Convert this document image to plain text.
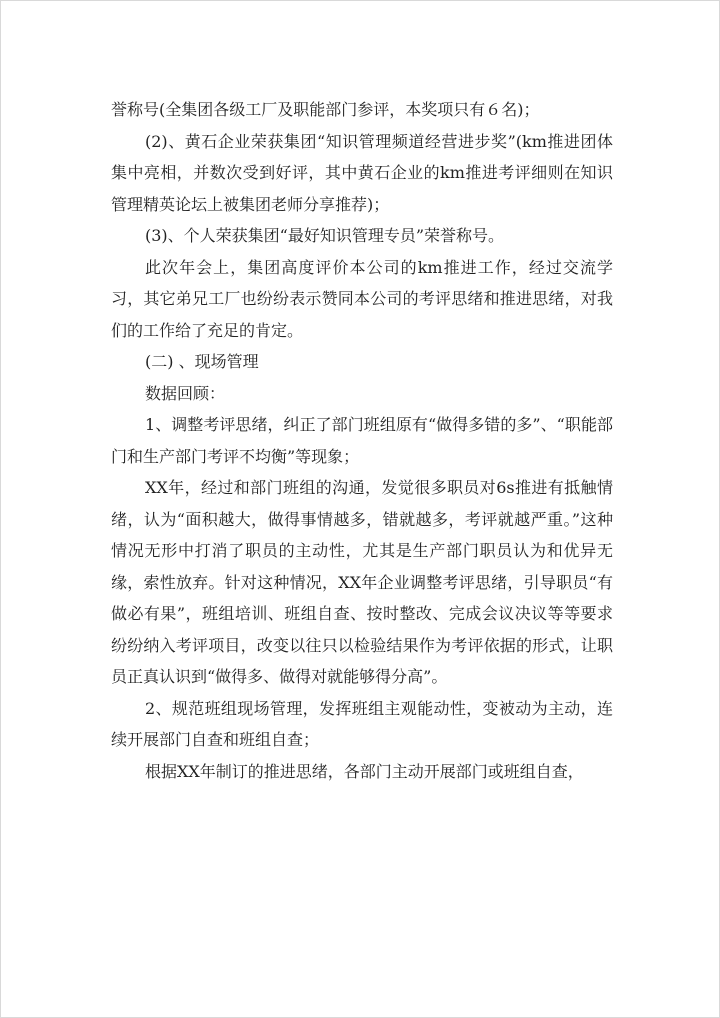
誉称号(全集团各级工厂及职能部门参评，本奖项只有６名)；

(2)、黄石企业荣获集团“知识管理频道经营进步奖”(km推进团体集中亮相，并数次受到好评，其中黄石企业的km推进考评细则在知识管理精英论坛上被集团老师分享推荐)；

(3)、个人荣获集团“最好知识管理专员”荣誉称号。

此次年会上，集团高度评价本公司的km推进工作，经过交流学习，其它弟兄工厂也纷纷表示赞同本公司的考评思绪和推进思绪，对我们的工作给了充足的肯定。

(二) 、现场管理

数据回顾：

1、调整考评思绪，纠正了部门班组原有“做得多错的多”、“职能部门和生产部门考评不均衡”等现象；

XX年，经过和部门班组的沟通，发觉很多职员对6s推进有抵触情绪，认为“面积越大，做得事情越多，错就越多，考评就越严重。”这种情况无形中打消了职员的主动性，尤其是生产部门职员认为和优异无缘，索性放弃。针对这种情况，XX年企业调整考评思绪，引导职员“有做必有果”，班组培训、班组自查、按时整改、完成会议决议等等要求纷纷纳入考评项目，改变以往只以检验结果作为考评依据的形式，让职员正真认识到“做得多、做得对就能够得分高”。

2、规范班组现场管理，发挥班组主观能动性，变被动为主动，连续开展部门自查和班组自查；

根据XX年制订的推进思绪，各部门主动开展部门或班组自查，
